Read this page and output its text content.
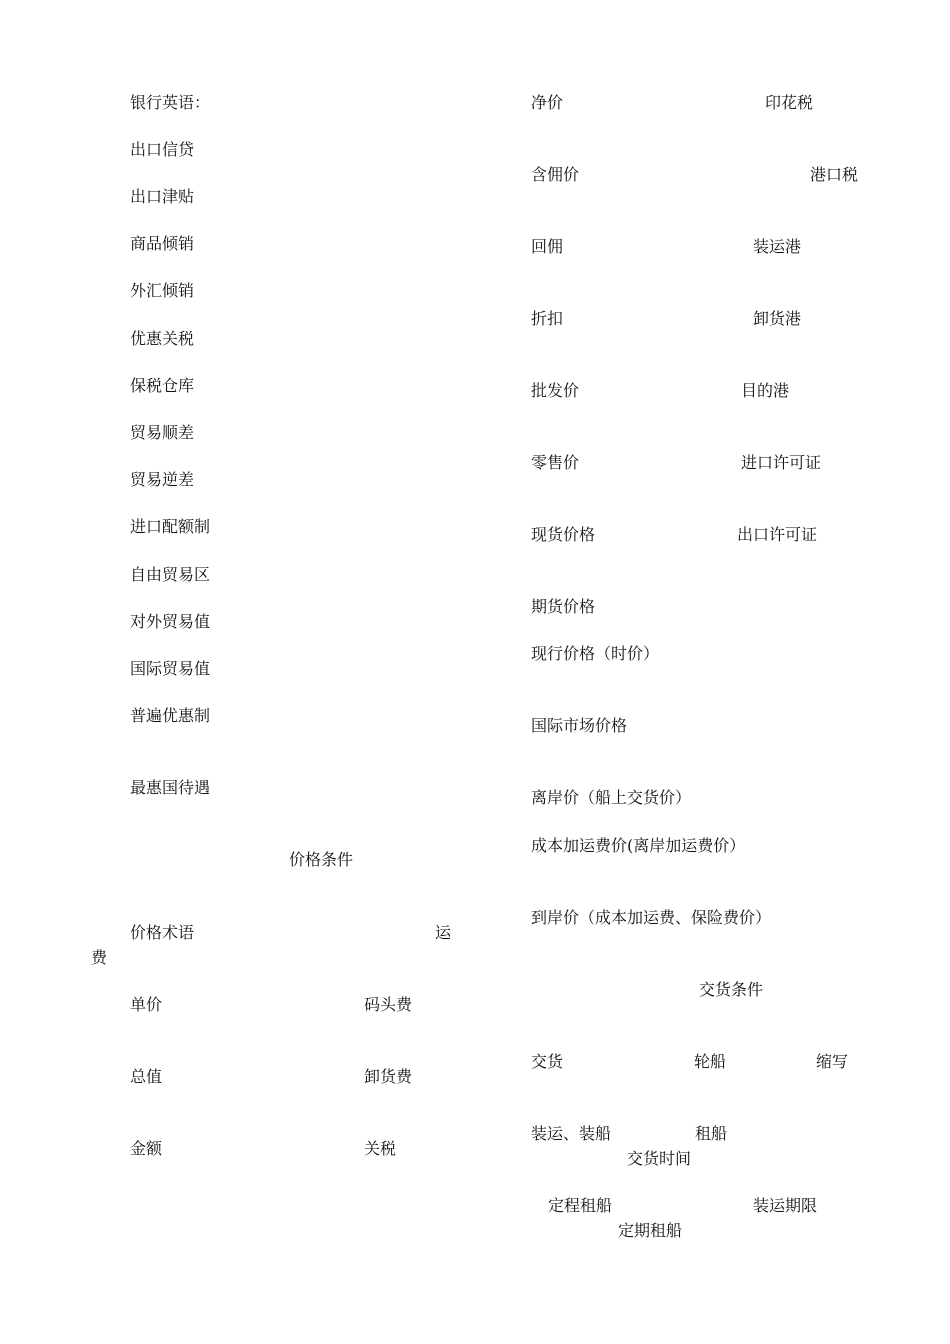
银行英语：
出口信贷
出口津贴
商品倾销
外汇倾销
优惠关税
保税仓库
贸易顺差
贸易逆差
进口配额制
自由贸易区
对外贸易值
国际贸易值
普遍优惠制
最惠国待遇
价格条件
价格术语	运
费
单价	码头费
总值	卸货费
金额	关税
净价	印花税
含佣价	港口税
回佣	装运港
折扣	卸货港
批发价	目的港
零售价	进口许可证
现货价格	出口许可证
期货价格
现行价格（时价）
国际市场价格
离岸价（船上交货价）
成本加运费价(离岸加运费价）
到岸价（成本加运费、保险费价）
交货条件
交货	轮船	缩写
装运、装船	租船
交货时间
定程租船	装运期限
定期租船
